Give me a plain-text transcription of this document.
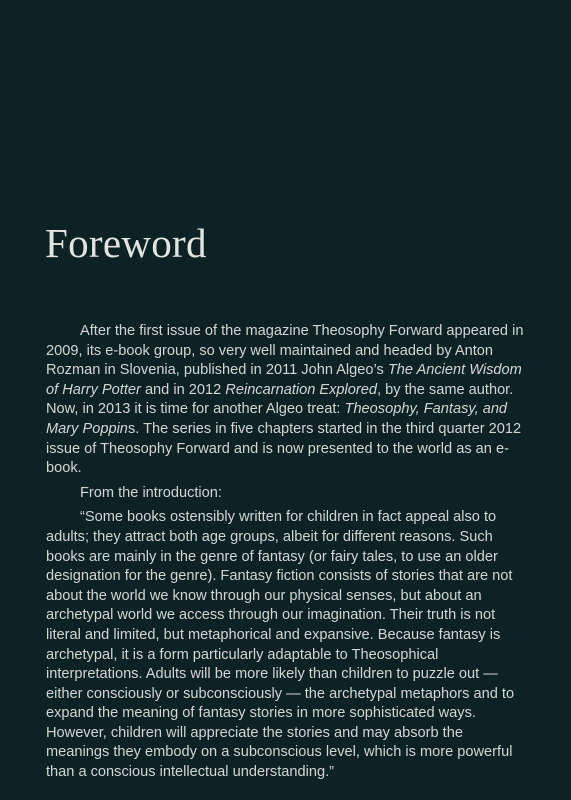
Foreword

After the first issue of the magazine Theosophy Forward appeared in 2009, its e-book group, so very well maintained and headed by Anton Rozman in Slovenia, published in 2011 John Algeo’s The Ancient Wisdom of Harry Potter and in 2012 Reincarnation Explored, by the same author. Now, in 2013 it is time for another Algeo treat: Theosophy, Fantasy, and Mary Poppins. The series in five chapters started in the third quarter 2012 issue of Theosophy Forward and is now presented to the world as an e-book.

From the introduction:

“Some books ostensibly written for children in fact appeal also to adults; they attract both age groups, albeit for different reasons. Such books are mainly in the genre of fantasy (or fairy tales, to use an older designation for the genre). Fantasy fiction consists of stories that are not about the world we know through our physical senses, but about an archetypal world we access through our imagination. Their truth is not literal and limited, but metaphorical and expansive. Because fantasy is archetypal, it is a form particularly adaptable to Theosophical interpretations. Adults will be more likely than children to puzzle out — either consciously or subconsciously — the archetypal metaphors and to expand the meaning of fantasy stories in more sophisticated ways. However, children will appreciate the stories and may absorb the meanings they embody on a subconscious level, which is more powerful than a conscious intellectual understanding.”
